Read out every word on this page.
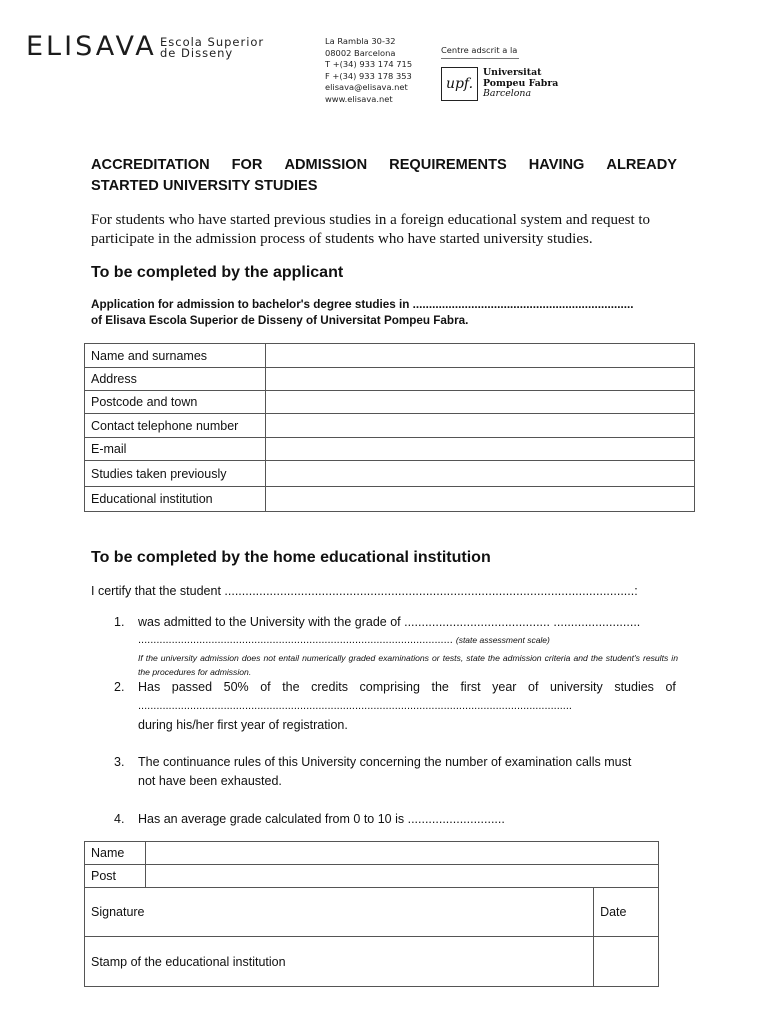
ELISAVA Escola Superior
de Disseny
La Rambla 30-32
08002 Barcelona
T +(34) 933 174 715
F +(34) 933 178 353
elisava@elisava.net
www.elisava.net
Centre adscrit a la
upf.
Universitat
Pompeu Fabra
Barcelona
ACCREDITATION FOR ADMISSION REQUIREMENTS HAVING ALREADY
STARTED UNIVERSITY STUDIES
For students who have started previous studies in a foreign educational system and request to participate in the admission process of students who have started university studies.
To be completed by the applicant
Application for admission to bachelor's degree studies in ....................................................................
of Elisava Escola Superior de Disseny of Universitat Pompeu Fabra.
Name and surnames	
Address	
Postcode and town	
Contact telephone number	
E-mail	
Studies taken previously	
Educational institution	
To be completed by the home educational institution
I certify that the student ......................................................................................................................:
1. was admitted to the University with the grade of .......................................... .........................
....................................................................................................... (state assessment scale)
If the university admission does not entail numerically graded examinations or tests, state the admission criteria and the student's results in the procedures for admission.
2. Has passed 50% of the credits comprising the first year of university studies of
..............................................................................................................................................
during his/her first year of registration.
3. The continuance rules of this University concerning the number of examination calls must
not have been exhausted.
4. Has an average grade calculated from 0 to 10 is ............................
Name		
Post		
Signature		Date
Stamp of the educational institution		
